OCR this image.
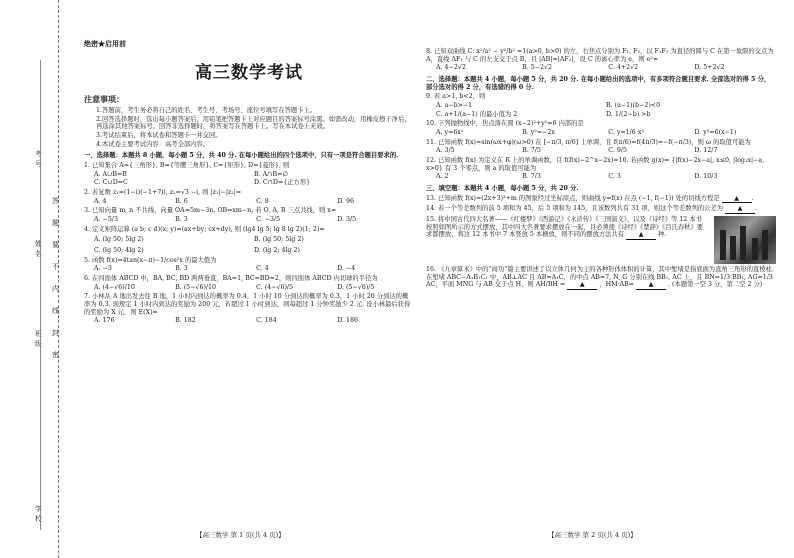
考号
姓名
班级
学校
答
题
要
不
内
线
封
密
绝密★启用前
高三数学考试
注意事项：

1.答题前，考生务必将自己的姓名、考生号、考场号、座位号填写在答题卡上。

2.回答选择题时，选出每小题答案后，用铅笔把答题卡上对应题目的答案标号涂黑。如需改动，用橡皮擦干净后，再选涂其他答案标号。回答非选择题时，将答案写在答题卡上。写在本试卷上无效。

3.考试结束后，将本试卷和答题卡一并交回。

4.本试卷主要考试内容：高考全部内容。

一、选择题：本题共 8 小题，每小题 5 分，共 40 分. 在每小题给出的四个选项中，只有一项是符合题目要求的.
1. 已知集合 A={三角形}, B={等腰三角形}, C={矩形}, D={菱形}, 则
A. A∪B=B	B. A∩B=∅
C. C∪D=C	D. C∩D={正方形}
2. 若复数 z₁=(1−i)(−1+7i), z₂=√3 −i, 则 |z₁|−|z₂|=
A. 4	B. 6	C. 8	D. 96
3. 已知向量 m, n 不共线，向量 OA=5m−3n, OB=xm−n, 若 O, A, B 三点共线，则 x=
A. −5/3	B. 3	C. −3/5	D. 3/5
4. 定义矩阵运算 (a b; c d)(x; y)=(ax+by; cx+dy), 则 (lg4 lg 5; lg 8 lg 2)(1; 2)=
A. (lg 50; 5lg 2)	B. (lg 50; 5lg 2)
C. (lg 50; 4lg 2)	D. (lg 2; 4lg 2)
5. 函数 f(x)=4tan(x−π)−1/cos²x 的最大值为
A. −3	B. 3	C. 4	D. −4
6. 在四面体 ABCD 中，BA, BC, BD 两两垂直，BA=1, BC=BD=2，则四面体 ABCD 内切球的半径为
A. (4−√6)/10	B. (5−√6)/10	C. (4−√6)/5	D. (5−√6)/5
7. 小林从 A 地出发去往 B 地，1 小时内到达的概率为 0.4，1 小时 10 分到达的概率为 0.3，1 小时 20 分到达的概率为 0.3. 现规定 1 小时内到达的奖励为 200 元，若超过 1 小时到达，则每超过 1 分钟奖励少 2 元. 设小林最后获得的奖励为 X 元，则 E(X)=
A. 176	B. 182	C. 184	D. 186
8. 已知双曲线 C: x²/a² − y²/b² =1(a>0, b>0) 的左，右焦点分别为 F₁, F₂，以 F₁F₂ 为直径的圆与 C 在第一象限的交点为 A，直线 AF₁ 与 C 的左支交于点 B，且 |AB|=|AF₂|，设 C 的离心率为 e，则 e²=
A. 4−2√2	B. 5−2√2	C. 4+2√2	D. 5+2√2
二、选择题：本题共 4 小题，每小题 5 分，共 20 分. 在每小题给出的选项中，有多项符合题目要求. 全部选对的得 5 分，部分选对的得 2 分，有选错的得 0 分.
9. 若 a>1, b<2，则
A. a−b>−1	B. (a−1)(b−2)<0
C. a+1/(a−1) 的最小值为 2	D. 1/(2−b) >b
10. 下列抛物线中，焦点落在圆 (x−2)²+y²=6 内部的是
A. y=6x²	B. y²=−2x	C. y=1/6 x²	D. y²=6(x−1)
11. 已知函数 f(x)=sin(ωx+φ)(ω>0) 在 [−π/3, π/6] 上单调，且 f(π/6)=f(4π/3)=−f(−π/3)，则 ω 的取值可能为
A. 3/5	B. 7/5	C. 9/5	D. 12/7
12. 已知函数 f(x) 为定义在 R 上的单调函数，且 f(f(x)−2^x−2x)=10. 若函数 g(x)= {|f(x)−2x−a|, x≤0, |log₂x|−a, x>0} 有 3 个零点，则 a 的取值可能为
A. 2	B. 7/3	C. 3	D. 10/3
三、填空题：本题共 4 小题，每小题 5 分，共 20 分.
13. 已知函数 f(x)=(2x+3)³+m 的图象经过坐标原点，则曲线 y=f(x) 在点 (−1, f(−1)) 处的切线方程是 ▲ .
14. 若一个等差数列的前 5 项和为 45，后 5 项和为 145，且该数列共有 31 项，则这个等差数列的公差为 ▲ .
15. 将中国古代四大名著——《红楼梦》《西游记》《水浒传》《三国演义》，以及《诗经》等 12 本书按照如图所示的方式摆放，其中四大名著要求摆放在一起，且必须使《诗经》《楚辞》《吕氏春秋》要求都摆放，将这 12 本书中 7 本竖放 5 本横放，则不同的摆放方法共有 ▲ 种.
16. 《九章算术》中的“商功”篇主要讲述了以立体几何为主的各种形体体积的计算，其中堑堵是指底面为直角三角形的直棱柱. 在堑堵 ABC−A₁B₁C₁ 中，AB⊥AC 且 AB=A₁C，的中点 AB=7, N, G 分别在线 BB₁, AC 上，且 BN=1/3 BB₁, AG=1/3 AC，平面 MNG 与 AB 交于点 H，则 AH/BH = ▲ ，HM·AB= ▲ . (本题第一空 3 分，第二空 2 分)
【高三数学 第 1 页(共 4 页)】	【高三数学 第 2 页(共 4 页)】
